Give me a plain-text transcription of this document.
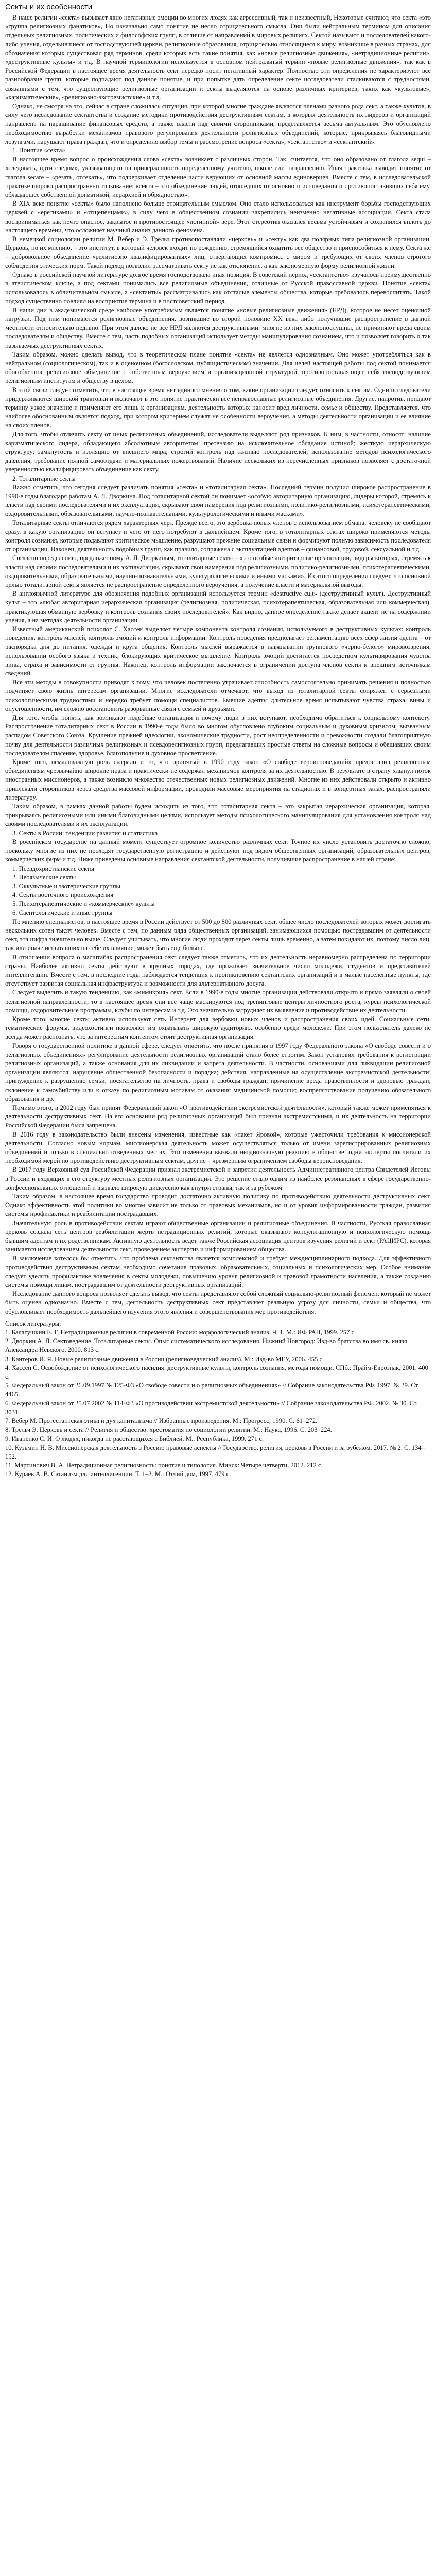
Секты и их особенности

В наше религии «секта» вызывает явно негативные эмоции во многих людях как агрессивный, так и неизвестный, Некоторые считают, что секта «это «группа религиозных фанатиков», Но изначально само понятие не несло отрицательного смысла. Они были нейтральным термином для описания отдельных религиозных, политических и философских групп, в отличие от направлений в мировых религиях. Сектой называют и последователей какого-либо учения, отдельившиеся от господствующей церкви, религиозные образования, отрицательно относящиеся к миру, возникшие в разных странах, для обозначения которых существовал ряд терминов, среди которых есть такие понятия, как «новые религиозные движения», «нетрадиционные религии», «деструктивные культы» и т.д. В научной терминологии используется в основном нейтральный термин «новые религиозные движения», так как в Российской Федерации в настоящее время деятельность сект нередко носит негативный характер. Полностью эти определения не характеризуют все разнообразие групп, которые подпадают под данное понятие, и при попытке дать определение секте исследователи сталкиваются с трудностями, связанными с тем, что существующие религиозные организации и секты выделяются на основе различных критериев, таких как «культовые», «харизматические», «религиозно-экстремистские» и т.д.

Однако, не смотря на это, сейчас в стране сложилась ситуация, при которой многие граждане являются членами разного рода сект, а также культов, в силу чего исследование сектантства и создание методики противодействия деструктивным сектам, в которых деятельность их лидеров и организаций направлена на наращивание финансовых средств, а также власти над своими сторонниками, представляется весьма актуальным. Это обусловлено необходимостью выработки механизмов правового регулирования деятельности религиозных объединений, которые, прикрываясь благовидными лозунгами, нарушают права граждан, что и определило выбор темы и рассмотрение вопроса «секта», «сектантство» и «сектантский».

1. Понятие «секта»

В настоящее время вопрос о происхождении слова «секта» возникает с различных сторон. Так, считается, что оно образовано от глагола sequi – «следовать, идти следом», указывающего на приверженность определенному учителю, школе или направлению. Иная трактовка выводит понятие от глагола secare – «резать, отсекать», что подчеркивает отделение части верующих от основной массы единоверцев. Вместе с тем, в исследовательской практике широко распространено толкование: «секта – это объединение людей, отошедших от основного исповедания и противопоставивших себя ему, обладающее собственной догматикой, иерархией и обрядностью».

В XIX веке понятие «секты» было наполнено больше отрицательным смыслом. Оно стало использоваться как инструмент борьбы господствующих церквей с «еретиками» и «отщепенцами», в силу чего в общественном сознании закрепились неизменно негативные ассоциации. Секта стала восприниматься как нечто опасное, закрытое и противостоящее «истинной» вере. Этот стереотип оказался весьма устойчивым и сохранился вплоть до настоящего времени, что осложняет научный анализ данного феномена.

В немецкой социологии религии М. Вебер и Э. Трёльч противопоставляли «церковь» и «секту» как два полярных типа религиозной организации. Церковь, по их мнению, – это институт, в который человек входит по рождению, стремящийся охватить все общество и приспособиться к нему. Секта же – добровольное объединение «религиозно квалифицированных» лиц, отвергающих компромисс с миром и требующих от своих членов строгого соблюдения этических норм. Такой подход позволил рассматривать секту не как отклонение, а как закономерную форму религиозной жизни.

Однако в российской научной литературе долгое время господствовала иная позиция. В советский период «сектантство» изучалось преимущественно в атеистическом ключе, а под сектами понимались все религиозные объединения, отличные от Русской православной церкви. Понятие «секта» использовалось в обличительном смысле, а «сектанты» рассматривались как отсталые элементы общества, которые требовалось перевоспитать. Такой подход существенно повлиял на восприятие термина и в постсоветский период.

В наши дни в академической среде наиболее употребимым является понятие «новые религиозные движения» (НРД), которое не несет оценочной нагрузки. Под ним понимаются религиозные объединения, возникшие во второй половине XX века либо получившие распространение в данной местности относительно недавно. При этом далеко не все НРД являются деструктивными: многие из них законопослушны, не причиняют вреда своим последователям и обществу. Вместе с тем, часть подобных организаций использует методы манипулирования сознанием, что и позволяет говорить о так называемых деструктивных сектах.

Таким образом, можно сделать вывод, что в теоретическом плане понятие «секта» не является однозначным. Оно может употребляться как в нейтральном (социологическом), так и в оценочном (богословском, публицистическом) значении. Для целей настоящей работы под сектой понимается обособленное религиозное объединение с собственным вероучением и организационной структурой, противопоставляющее себя господствующим религиозным институтам и обществу в целом.

В этой связи следует отметить, что в настоящее время нет единого мнения о том, какие организации следует относить к сектам. Одни исследователи придерживаются широкой трактовки и включают в это понятие практически все неправославные религиозные объединения. Другие, напротив, придают термину узкое значение и применяют его лишь к организациям, деятельность которых наносит вред личности, семье и обществу. Представляется, что наиболее обоснованным является подход, при котором критерием служат не особенности вероучения, а методы деятельности организации и ее влияние на своих членов.

Для того, чтобы отличить секту от иных религиозных объединений, исследователи выделяют ряд признаков. К ним, в частности, относят: наличие харизматического лидера, обладающего абсолютным авторитетом; претензию на исключительное обладание истиной; жесткую иерархическую структуру; замкнутость и изоляцию от внешнего мира; строгий контроль над жизнью последователей; использование методов психологического давления; требование полной самоотдачи и материальных пожертвований. Наличие нескольких из перечисленных признаков позволяет с достаточной уверенностью квалифицировать объединение как секту.

2. Тоталитарные секты

Важно отметить, что сегодня следует различать понятия «секта» и «тоталитарная секта». Последний термин получил широкое распространение в 1990-е годы благодаря работам А. Л. Дворкина. Под тоталитарной сектой он понимает «особую авторитарную организацию, лидеры которой, стремясь к власти над своими последователями и их эксплуатации, скрывают свои намерения под религиозными, политико-религиозными, психотерапевтическими, оздоровительными, образовательными, научно-познавательными, культурологическими и иными масками».

Тоталитарные секты отличаются рядом характерных черт. Прежде всего, это вербовка новых членов с использованием обмана: человеку не сообщают сразу, в какую организацию он вступает и чего от него потребуют в дальнейшем. Кроме того, в тоталитарных сектах широко применяются методы контроля сознания, которые подавляют критическое мышление, разрушают прежние социальные связи и формируют полную зависимость последователя от организации. Наконец, деятельность подобных групп, как правило, сопряжена с эксплуатацией адептов – финансовой, трудовой, сексуальной и т.д.

Согласно определению, предложенному А. Л. Дворкиным, тоталитарные секты – «это особые авторитарные организации, лидеры которых, стремясь к власти над своими последователями и их эксплуатации, скрывают свои намерения под религиозными, политико-религиозными, психотерапевтическими, оздоровительными, образовательными, научно-познавательными, культурологическими и иными масками». Из этого определения следует, что основной целью тоталитарной секты является не распространение определенного вероучения, а получение власти и материальной выгоды.

В англоязычной литературе для обозначения подобных организаций используется термин «destructive cult» (деструктивный культ). Деструктивный культ – это «любая авторитарная иерархическая организация (религиозная, политическая, психотерапевтическая, образовательная или коммерческая), практикующая обманную вербовку и контроль сознания своих последователей». Как видно, данное определение также делает акцент не на содержании учения, а на методах деятельности организации.

Известный американский психолог С. Хассен выделяет четыре компонента контроля сознания, используемого в деструктивных культах: контроль поведения, контроль мыслей, контроль эмоций и контроль информации. Контроль поведения предполагает регламентацию всех сфер жизни адепта – от распорядка дня до питания, одежды и круга общения. Контроль мыслей выражается в навязывании группового «черно-белого» мировоззрения, использовании особого языка и техник, блокирующих критическое мышление. Контроль эмоций достигается посредством культивирования чувства вины, страха и зависимости от группы. Наконец, контроль информации заключается в ограничении доступа членов секты к внешним источникам сведений.

Все эти методы в совокупности приводят к тому, что человек постепенно утрачивает способность самостоятельно принимать решения и полностью подчиняет свою жизнь интересам организации. Многие исследователи отмечают, что выход из тоталитарной секты сопряжен с серьезными психологическими трудностями и нередко требует помощи специалистов. Бывшие адепты длительное время испытывают чувства страха, вины и опустошенности, им сложно восстановить разорванные связи с семьей и друзьями.

Для того, чтобы понять, как возникают подобные организации и почему люди в них вступают, необходимо обратиться к социальному контексту. Распространение тоталитарных сект в России в 1990-е годы было во многом обусловлено глубоким социальным и духовным кризисом, вызванным распадом Советского Союза. Крушение прежней идеологии, экономические трудности, рост неопределенности и тревожности создали благоприятную почву для деятельности различных религиозных и псевдорелигиозных групп, предлагавших простые ответы на сложные вопросы и обещавших своим последователям спасение, здоровье, благополучие и духовное просветление.

Кроме того, немаловажную роль сыграло и то, что принятый в 1990 году закон «О свободе вероисповеданий» предоставил религиозным объединениям чрезвычайно широкие права и практически не содержал механизмов контроля за их деятельностью. В результате в страну хлынул поток иностранных миссионеров, а также возникло множество отечественных новых религиозных движений. Многие из них действовали открыто и активно привлекали сторонников через средства массовой информации, проводили массовые мероприятия на стадионах и в концертных залах, распространяли литературу.

Таким образом, в рамках данной работы будем исходить из того, что тоталитарная секта – это закрытая иерархическая организация, которая, прикрываясь религиозными или иными благовидными целями, использует методы психологического манипулирования для установления контроля над своими последователями и их эксплуатации.

3. Секты в России: тенденции развития и статистика

В российском государстве на данный момент существует огромное количество различных сект. Точное их число установить достаточно сложно, поскольку многие из них не проходят государственную регистрацию и действуют под видом общественных организаций, образовательных центров, коммерческих фирм и т.д. Ниже приведены основные направления сектантской деятельности, получившие распространение в нашей стране:

1. Псевдохристианские секты
2. Неоязыческие секты
3. Оккультные и эзотерические группы
4. Секты восточного происхождения
5. Психотерапевтические и «коммерческие» культы
6. Саентологические и иные группы

По мнению специалистов, в настоящее время в России действует от 500 до 800 различных сект, общее число последователей которых может достигать нескольких сотен тысяч человек. Вместе с тем, по данным ряда общественных организаций, занимающихся помощью пострадавшим от деятельности сект, эта цифра значительно выше. Следует учитывать, что многие люди проходят через секты лишь временно, а затем покидают их, поэтому число лиц, так или иначе испытавших на себе их влияние, может быть еще больше.

В отношении вопроса о масштабах распространения сект следует также отметить, что их деятельность неравномерно распределена по территории страны. Наиболее активно секты действуют в крупных городах, где проживает значительное число молодежи, студентов и представителей интеллигенции. Вместе с тем, в последние годы наблюдается тенденция к проникновению сектантских организаций и в малые населенные пункты, где отсутствует развитая социальная инфраструктура и возможности для альтернативного досуга.

Следует выделить и такую тенденцию, как «мимикрия» сект. Если в 1990-е годы многие организации действовали открыто и прямо заявляли о своей религиозной направленности, то в настоящее время они все чаще маскируются под тренинговые центры личностного роста, курсы психологической помощи, оздоровительные программы, клубы по интересам и т.д. Это значительно затрудняет их выявление и противодействие их деятельности.

Кроме того, многие секты активно используют сеть Интернет для вербовки новых членов и распространения своих идей. Социальные сети, тематические форумы, видеохостинги позволяют им охватывать широкую аудиторию, особенно среди молодежи. При этом пользователь далеко не всегда может распознать, что за интересным контентом стоит деструктивная организация.

Говоря о государственной политике в данной сфере, следует отметить, что после принятия в 1997 году Федерального закона «О свободе совести и о религиозных объединениях» регулирование деятельности религиозных организаций стало более строгим. Закон установил требования к регистрации религиозных организаций, а также основания для их ликвидации и запрета деятельности. В частности, основаниями для ликвидации религиозной организации являются: нарушение общественной безопасности и порядка; действия, направленные на осуществление экстремистской деятельности; принуждение к разрушению семьи; посягательство на личность, права и свободы граждан; причинение вреда нравственности и здоровью граждан; склонение к самоубийству или к отказу по религиозным мотивам от оказания медицинской помощи; воспрепятствование получению обязательного образования и др.

Помимо этого, в 2002 году был принят Федеральный закон «О противодействии экстремистской деятельности», который также может применяться к деятельности деструктивных сект. На его основании ряд религиозных организаций был признан экстремистскими, и их деятельность на территории Российской Федерации была запрещена.

В 2016 году в законодательство были внесены изменения, известные как «пакет Яровой», которые ужесточили требования к миссионерской деятельности. Согласно новым нормам, миссионерская деятельность может осуществляться только от имени зарегистрированных религиозных объединений и только в специально отведенных местах. Эти изменения вызвали неоднозначную реакцию в обществе: одни эксперты посчитали их необходимой мерой по противодействию деструктивным сектам, другие – чрезмерным ограничением свободы вероисповедания.

В 2017 году Верховный суд Российской Федерации признал экстремистской и запретил деятельность Административного центра Свидетелей Иеговы в России и входящих в его структуру местных религиозных организаций. Это решение стало одним из наиболее резонансных в сфере государственно-конфессиональных отношений и вызвало широкую дискуссию как внутри страны, так и за рубежом.

Таким образом, в настоящее время государство проводит достаточно активную политику по противодействию деятельности деструктивных сект. Однако эффективность этой политики во многом зависит не только от правовых механизмов, но и от уровня информированности граждан, развития системы профилактики и реабилитации пострадавших.

Значительную роль в противодействии сектам играют общественные организации и религиозные объединения. В частности, Русская православная церковь создала сеть центров реабилитации жертв нетрадиционных религий, которые оказывают консультационную и психологическую помощь бывшим адептам и их родственникам. Активную деятельность ведет также Российская ассоциация центров изучения религий и сект (РАЦИРС), которая занимается исследованием деятельности сект, проведением экспертиз и информированием общества.

В заключение хотелось бы отметить, что проблема сектантства является комплексной и требует междисциплинарного подхода. Для эффективного противодействия деструктивным сектам необходимо сочетание правовых, образовательных, социальных и психологических мер. Особое внимание следует уделять профилактике вовлечения в секты молодежи, повышению уровня религиозной и правовой грамотности населения, а также созданию системы помощи лицам, пострадавшим от деятельности деструктивных организаций.

Исследование данного вопроса позволяет сделать вывод, что секты представляют собой сложный социально-религиозный феномен, который не может быть оценен однозначно. Вместе с тем, деятельность деструктивных сект представляет реальную угрозу для личности, семьи и общества, что обусловливает необходимость дальнейшего изучения этого явления и совершенствования мер противодействия.

Список литературы:

1. Балагушкин Е. Г. Нетрадиционные религии в современной России: морфологический анализ. Ч. 1. М.: ИФ РАН, 1999. 257 с.
2. Дворкин А. Л. Сектоведение. Тоталитарные секты. Опыт систематического исследования. Нижний Новгород: Изд-во братства во имя св. князя Александра Невского, 2000. 813 с.
3. Кантеров И. Я. Новые религиозные движения в России (религиоведческий анализ). М.: Изд-во МГУ, 2006. 455 с.
4. Хассен С. Освобождение от психологического насилия: деструктивные культы, контроль сознания, методы помощи. СПб.: Прайм-Еврознак, 2001. 400 с.
5. Федеральный закон от 26.09.1997 № 125-ФЗ «О свободе совести и о религиозных объединениях» // Собрание законодательства РФ. 1997. № 39. Ст. 4465.
6. Федеральный закон от 25.07.2002 № 114-ФЗ «О противодействии экстремистской деятельности» // Собрание законодательства РФ. 2002. № 30. Ст. 3031.
7. Вебер М. Протестантская этика и дух капитализма // Избранные произведения. М.: Прогресс, 1990. С. 61–272.
8. Трёльч Э. Церковь и секта // Религия и общество: хрестоматия по социологии религии. М.: Наука, 1996. С. 203–224.
9. Иваненко С. И. О людях, никогда не расстающихся с Библией. М.: Республика, 1999. 271 с.
10. Кузьмин Н. В. Миссионерская деятельность в России: правовые аспекты // Государство, религия, церковь в России и за рубежом. 2017. № 2. С. 134–152.
11. Мартинович В. А. Нетрадиционная религиозность: понятие и типология. Минск: Четыре четверти, 2012. 212 с.
12. Кураев А. В. Сатанизм для интеллигенции. Т. 1–2. М.: Отчий дом, 1997. 479 с.
